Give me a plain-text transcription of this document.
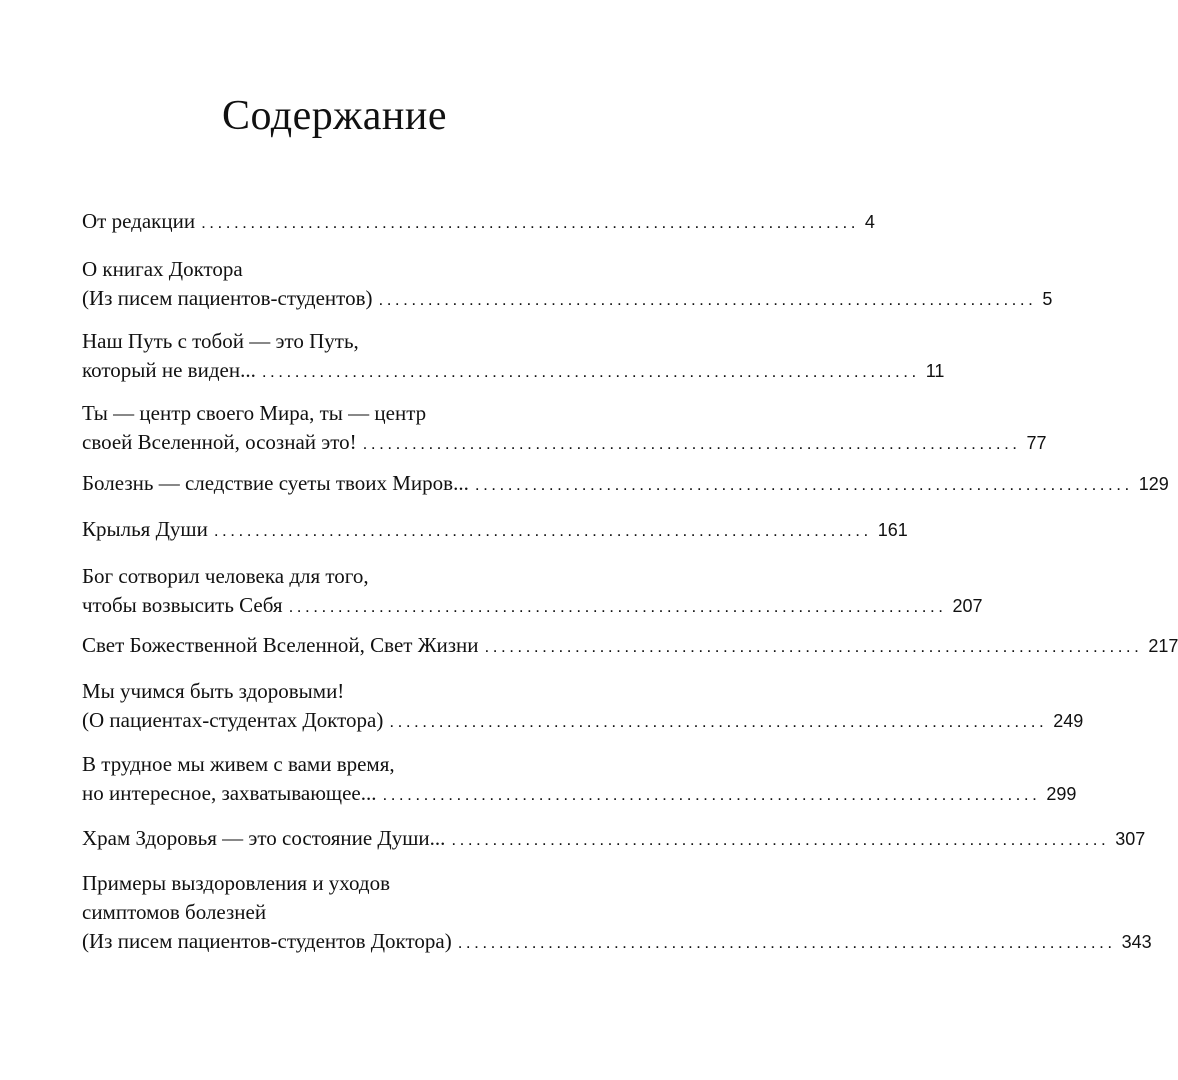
Содержание
От редакции ................................................................................ 4
О книгах Доктора
(Из писем пациентов-студентов) ................................................................................ 5
Наш Путь с тобой — это Путь,
который не виден... ................................................................................ 11
Ты — центр своего Мира, ты — центр
своей Вселенной, осознай это! ................................................................................ 77
Болезнь — следствие суеты твоих Миров... ................................................................................ 129
Крылья Души ................................................................................ 161
Бог сотворил человека для того,
чтобы возвысить Себя ................................................................................ 207
Свет Божественной Вселенной, Свет Жизни ................................................................................ 217
Мы учимся быть здоровыми!
(О пациентах-студентах Доктора) ................................................................................ 249
В трудное мы живем с вами время,
но интересное, захватывающее... ................................................................................ 299
Храм Здоровья — это состояние Души... ................................................................................ 307
Примеры выздоровления и уходов
симптомов болезней
(Из писем пациентов-студентов Доктора) ................................................................................ 343
